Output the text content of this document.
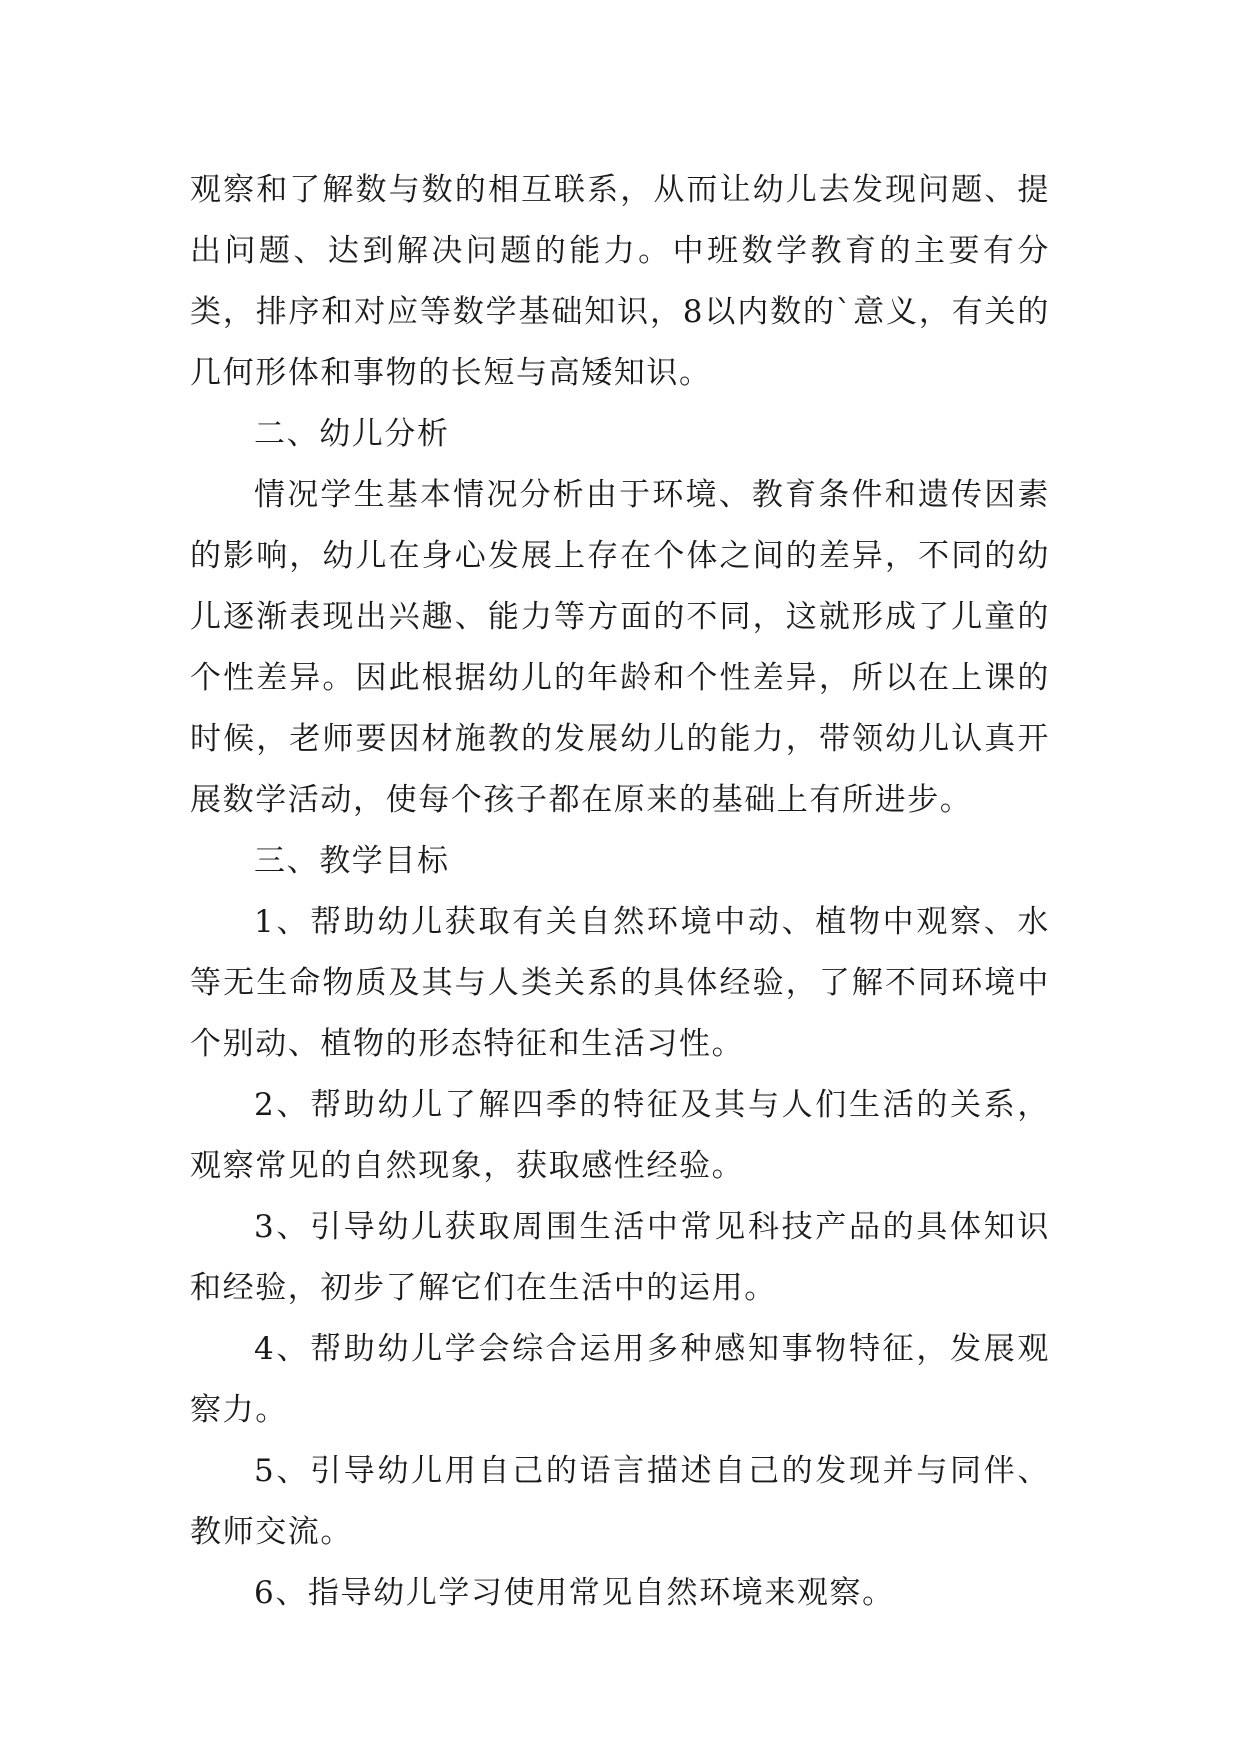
观察和了解数与数的相互联系，从而让幼儿去发现问题、提出问题、达到解决问题的能力。中班数学教育的主要有分类，排序和对应等数学基础知识，8以内数的`意义，有关的几何形体和事物的长短与高矮知识。

二、幼儿分析

情况学生基本情况分析由于环境、教育条件和遗传因素的影响，幼儿在身心发展上存在个体之间的差异，不同的幼儿逐渐表现出兴趣、能力等方面的不同，这就形成了儿童的个性差异。因此根据幼儿的年龄和个性差异，所以在上课的时候，老师要因材施教的发展幼儿的能力，带领幼儿认真开展数学活动，使每个孩子都在原来的基础上有所进步。

三、教学目标

1、帮助幼儿获取有关自然环境中动、植物中观察、水等无生命物质及其与人类关系的具体经验，了解不同环境中个别动、植物的形态特征和生活习性。

2、帮助幼儿了解四季的特征及其与人们生活的关系，观察常见的自然现象，获取感性经验。

3、引导幼儿获取周围生活中常见科技产品的具体知识和经验，初步了解它们在生活中的运用。

4、帮助幼儿学会综合运用多种感知事物特征，发展观察力。

5、引导幼儿用自己的语言描述自己的发现并与同伴、教师交流。

6、指导幼儿学习使用常见自然环境来观察。
